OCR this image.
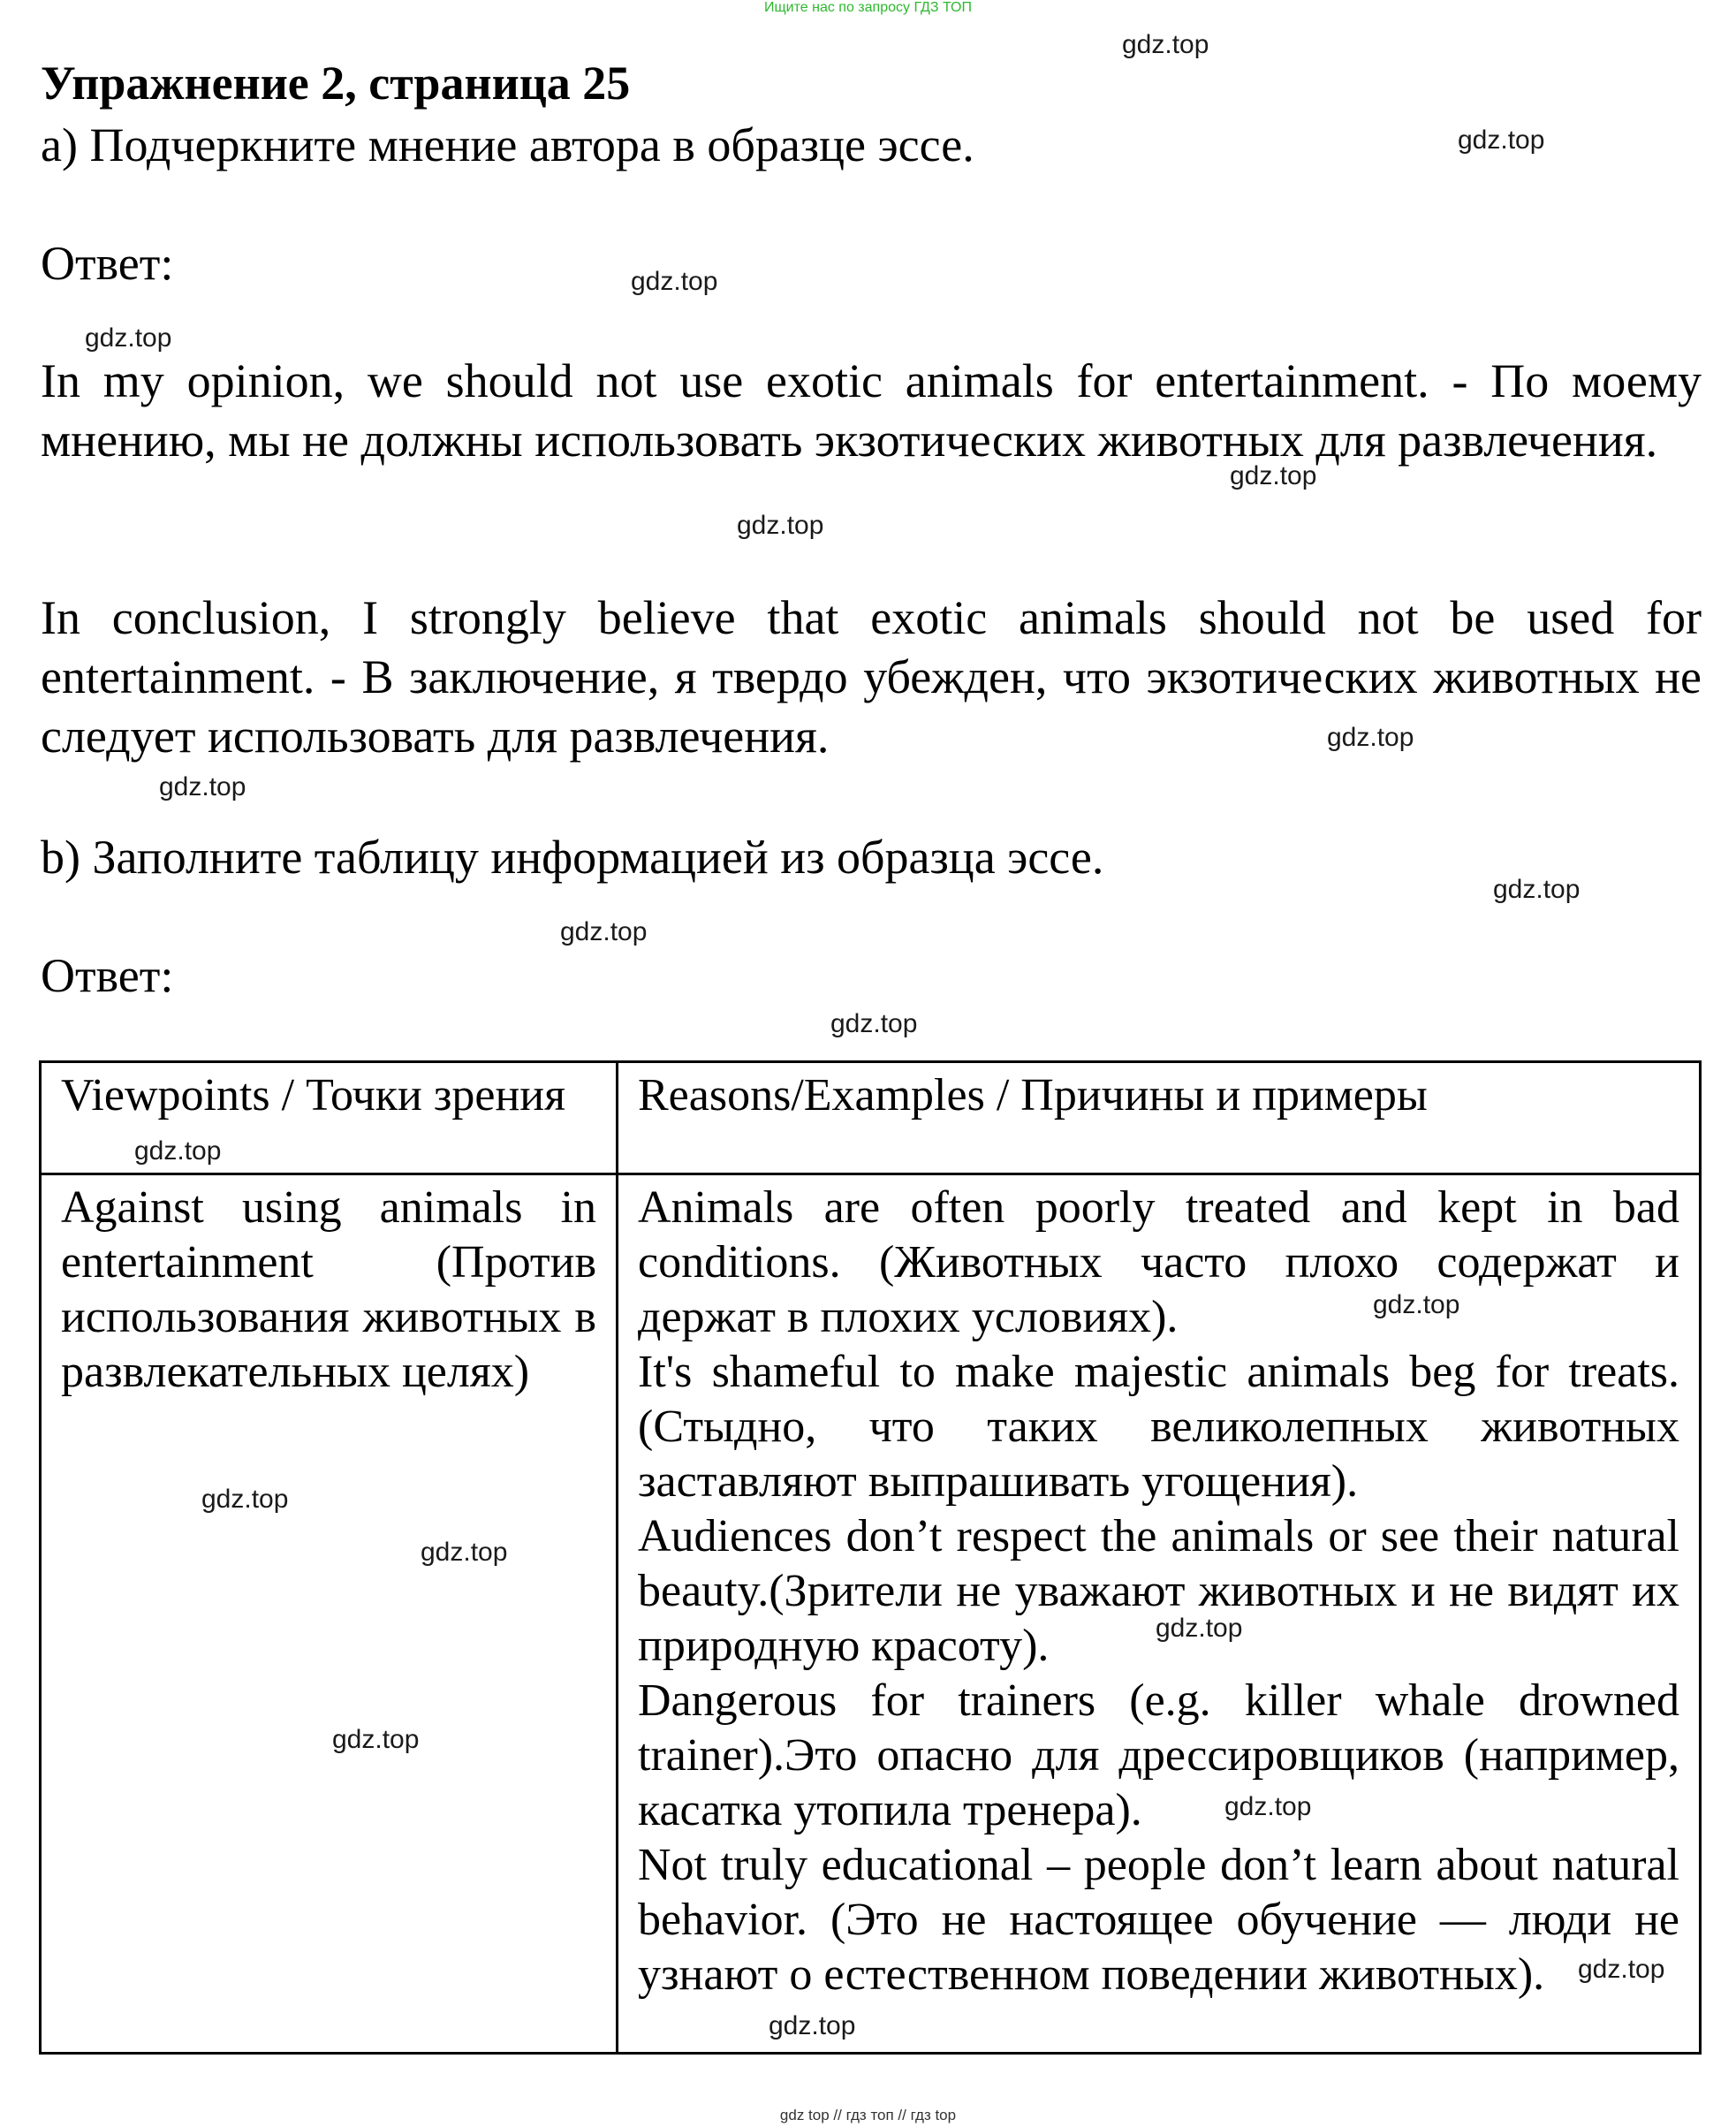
Ищите нас по запросу ГДЗ ТОП
Упражнение 2, страница 25
a) Подчеркните мнение автора в образце эссе.
Ответ:
In my opinion, we should not use exotic animals for entertainment. - По моему мнению, мы не должны использовать экзотических животных для развлечения.
In conclusion, I strongly believe that exotic animals should not be used for entertainment. - В заключение, я твердо убежден, что экзотических животных не следует использовать для развлечения.
b) Заполните таблицу информацией из образца эссе.
Ответ:
Viewpoints / Точки зрения	Reasons/Examples / Причины и примеры
Against using animals in entertainment (Против использования животных в развлекательных целях)	Animals are often poorly treated and kept in bad conditions. (Животных часто плохо содержат и держат в плохих условиях).

It's shameful to make majestic animals beg for treats. (Стыдно, что таких великолепных животных заставляют выпрашивать угощения).

Audiences don’t respect the animals or see their natural beauty.(Зрители не уважают животных и не видят их природную красоту).

Dangerous for trainers (e.g. killer whale drowned trainer).Это опасно для дрессировщиков (например, касатка утопила тренера).

Not truly educational – people don’t learn about natural behavior. (Это не настоящее обучение — люди не узнают о естественном поведении животных).

gdz.top
gdz.top
gdz.top
gdz.top
gdz.top
gdz.top
gdz.top
gdz.top
gdz.top
gdz.top
gdz.top
gdz.top
gdz.top
gdz.top
gdz.top
gdz.top
gdz.top
gdz.top
gdz.top
gdz.top
gdz top // гдз топ // гдз top
